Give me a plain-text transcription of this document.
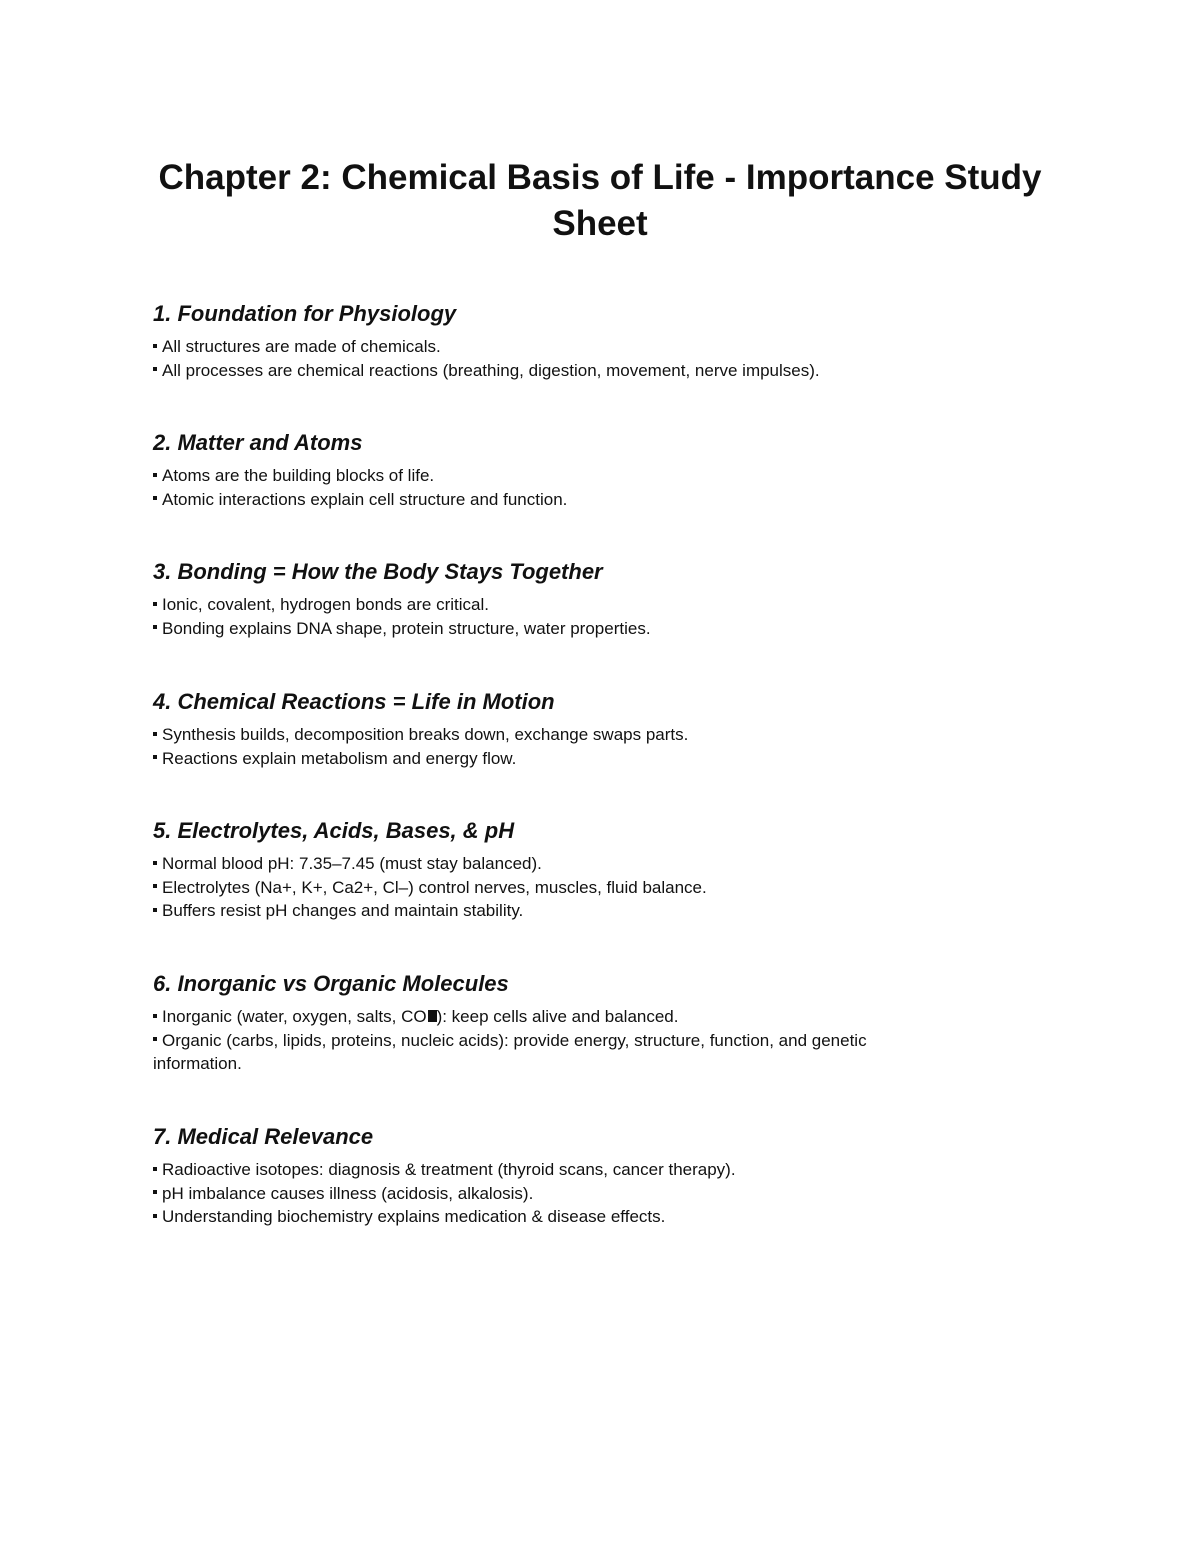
Chapter 2: Chemical Basis of Life - Importance Study Sheet
1. Foundation for Physiology

All structures are made of chemicals.

All processes are chemical reactions (breathing, digestion, movement, nerve impulses).

2. Matter and Atoms

Atoms are the building blocks of life.

Atomic interactions explain cell structure and function.

3. Bonding = How the Body Stays Together

Ionic, covalent, hydrogen bonds are critical.

Bonding explains DNA shape, protein structure, water properties.

4. Chemical Reactions = Life in Motion

Synthesis builds, decomposition breaks down, exchange swaps parts.

Reactions explain metabolism and energy flow.

5. Electrolytes, Acids, Bases, & pH

Normal blood pH: 7.35–7.45 (must stay balanced).

Electrolytes (Na+, K+, Ca2+, Cl–) control nerves, muscles, fluid balance.

Buffers resist pH changes and maintain stability.

6. Inorganic vs Organic Molecules

Inorganic (water, oxygen, salts, CO ): keep cells alive and balanced.

Organic (carbs, lipids, proteins, nucleic acids): provide energy, structure, function, and genetic

information.

7. Medical Relevance

Radioactive isotopes: diagnosis & treatment (thyroid scans, cancer therapy).

pH imbalance causes illness (acidosis, alkalosis).

Understanding biochemistry explains medication & disease effects.
